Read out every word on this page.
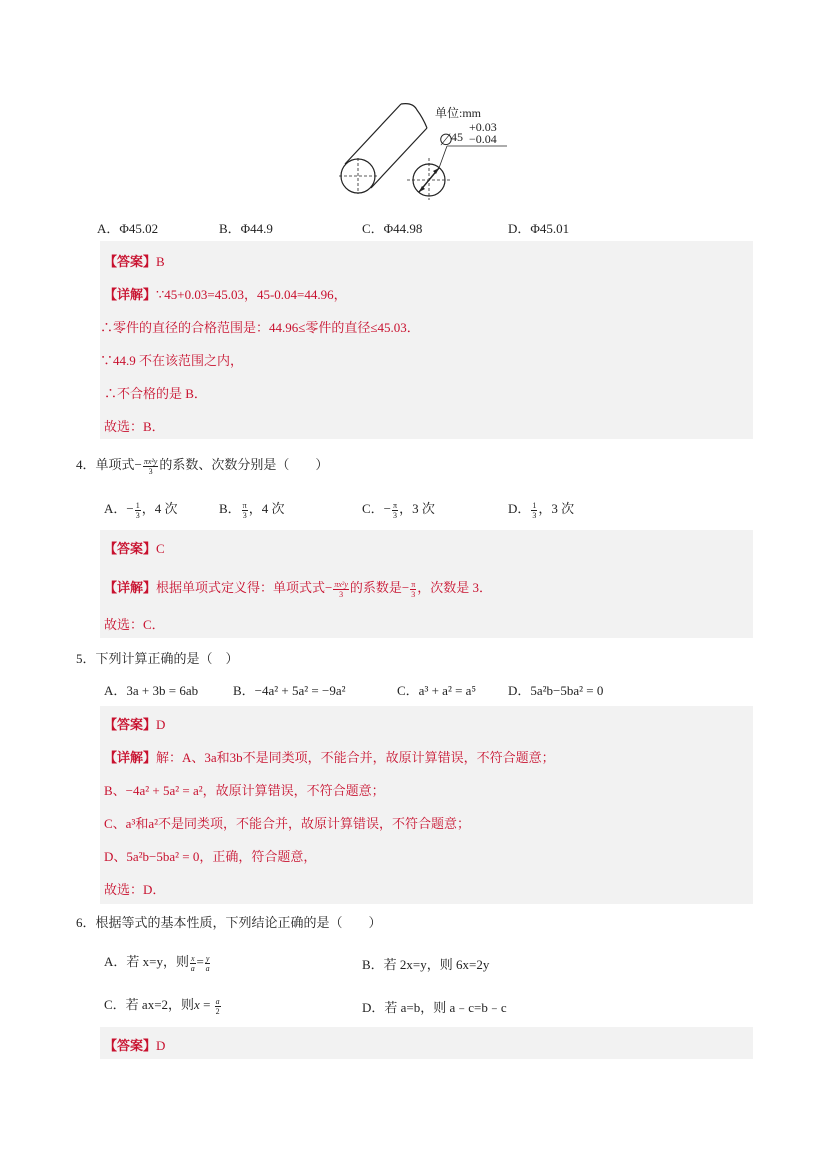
单位:mm
∅
45
+0.03
−0.04
A．Φ45.02	B．Φ44.9	C．Φ44.98	D．Φ45.01
【答案】B
【详解】∵45+0.03=45.03，45-0.04=44.96，
∴零件的直径的合格范围是：44.96≤零件的直径≤45.03．
∵44.9 不在该范围之内，
∴不合格的是 B．
故选：B．
4．单项式− $\frac{\text{πx²y}}{3}$ 的系数、次数分别是（　　）
A．− $\frac{1}{3}$ ，4 次	B． $\frac{\pi}{3}$ ，4 次	C．− $\frac{\pi}{3}$ ，3 次	D． $\frac{1}{3}$ ，3 次
【答案】C
【详解】根据单项式定义得：单项式式− $\frac{\text{πx²y}}{3}$ 的系数是− $\frac{\pi}{3}$ ，次数是 3．
故选：C．
5．下列计算正确的是（　）
A．3a + 3b = 6ab	B．−4a² + 5a² = −9a²	C．a³ + a² = a⁵ D．5a²b−5ba² = 0
【答案】D
【详解】解：A、3a和3b不是同类项，不能合并，故原计算错误，不符合题意；
B、−4a² + 5a² = a²，故原计算错误，不符合题意；
C、a³和a²不是同类项，不能合并，故原计算错误，不符合题意；
D、5a²b−5ba² = 0，正确，符合题意，
故选：D．
6．根据等式的基本性质，下列结论正确的是（　　）
A．若 x=y，则 $\frac{x}{a} = \frac{y}{a}$	B．若 2x=y，则 6x=2y
C．若 ax=2，则$x = \frac{a}{2}$	D．若 a=b，则 a﹣c=b﹣c
【答案】D
